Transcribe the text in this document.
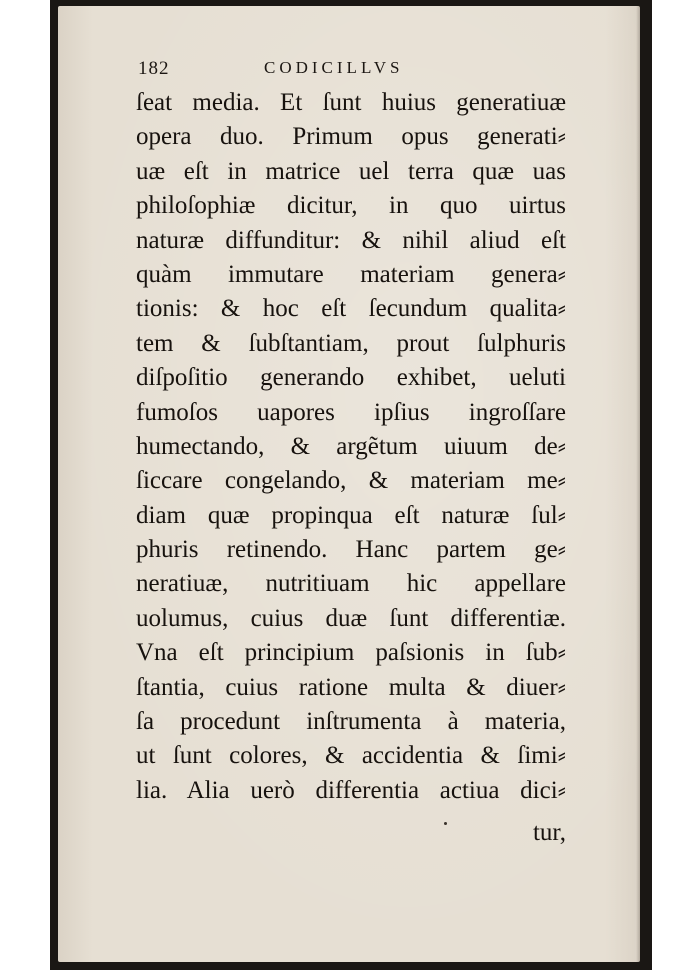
182	CODICILLVS
ſeat media. Et ſunt huius generatiuæ
opera duo. Primum opus generati⸗
uæ eſt in matrice uel terra quæ uas
philoſophiæ dicitur, in quo uirtus
naturæ diffunditur: & nihil aliud eſt
quàm immutare materiam genera⸗
tionis: & hoc eſt ſecundum qualita⸗
tem & ſubſtantiam, prout ſulphuris
diſpoſitio generando exhibet, ueluti
fumoſos uapores ipſius ingroſſare
humectando, & argẽtum uiuum de⸗
ſiccare congelando, & materiam me⸗
diam quæ propinqua eſt naturæ ſul⸗
phuris retinendo. Hanc partem ge⸗
neratiuæ, nutritiuam hic appellare
uolumus, cuius duæ ſunt differentiæ.
Vna eſt principium paſsionis in ſub⸗
ſtantia, cuius ratione multa & diuer⸗
ſa procedunt inſtrumenta à materia,
ut ſunt colores, & accidentia & ſimi⸗
lia. Alia uerò differentia actiua dici⸗
tur,
